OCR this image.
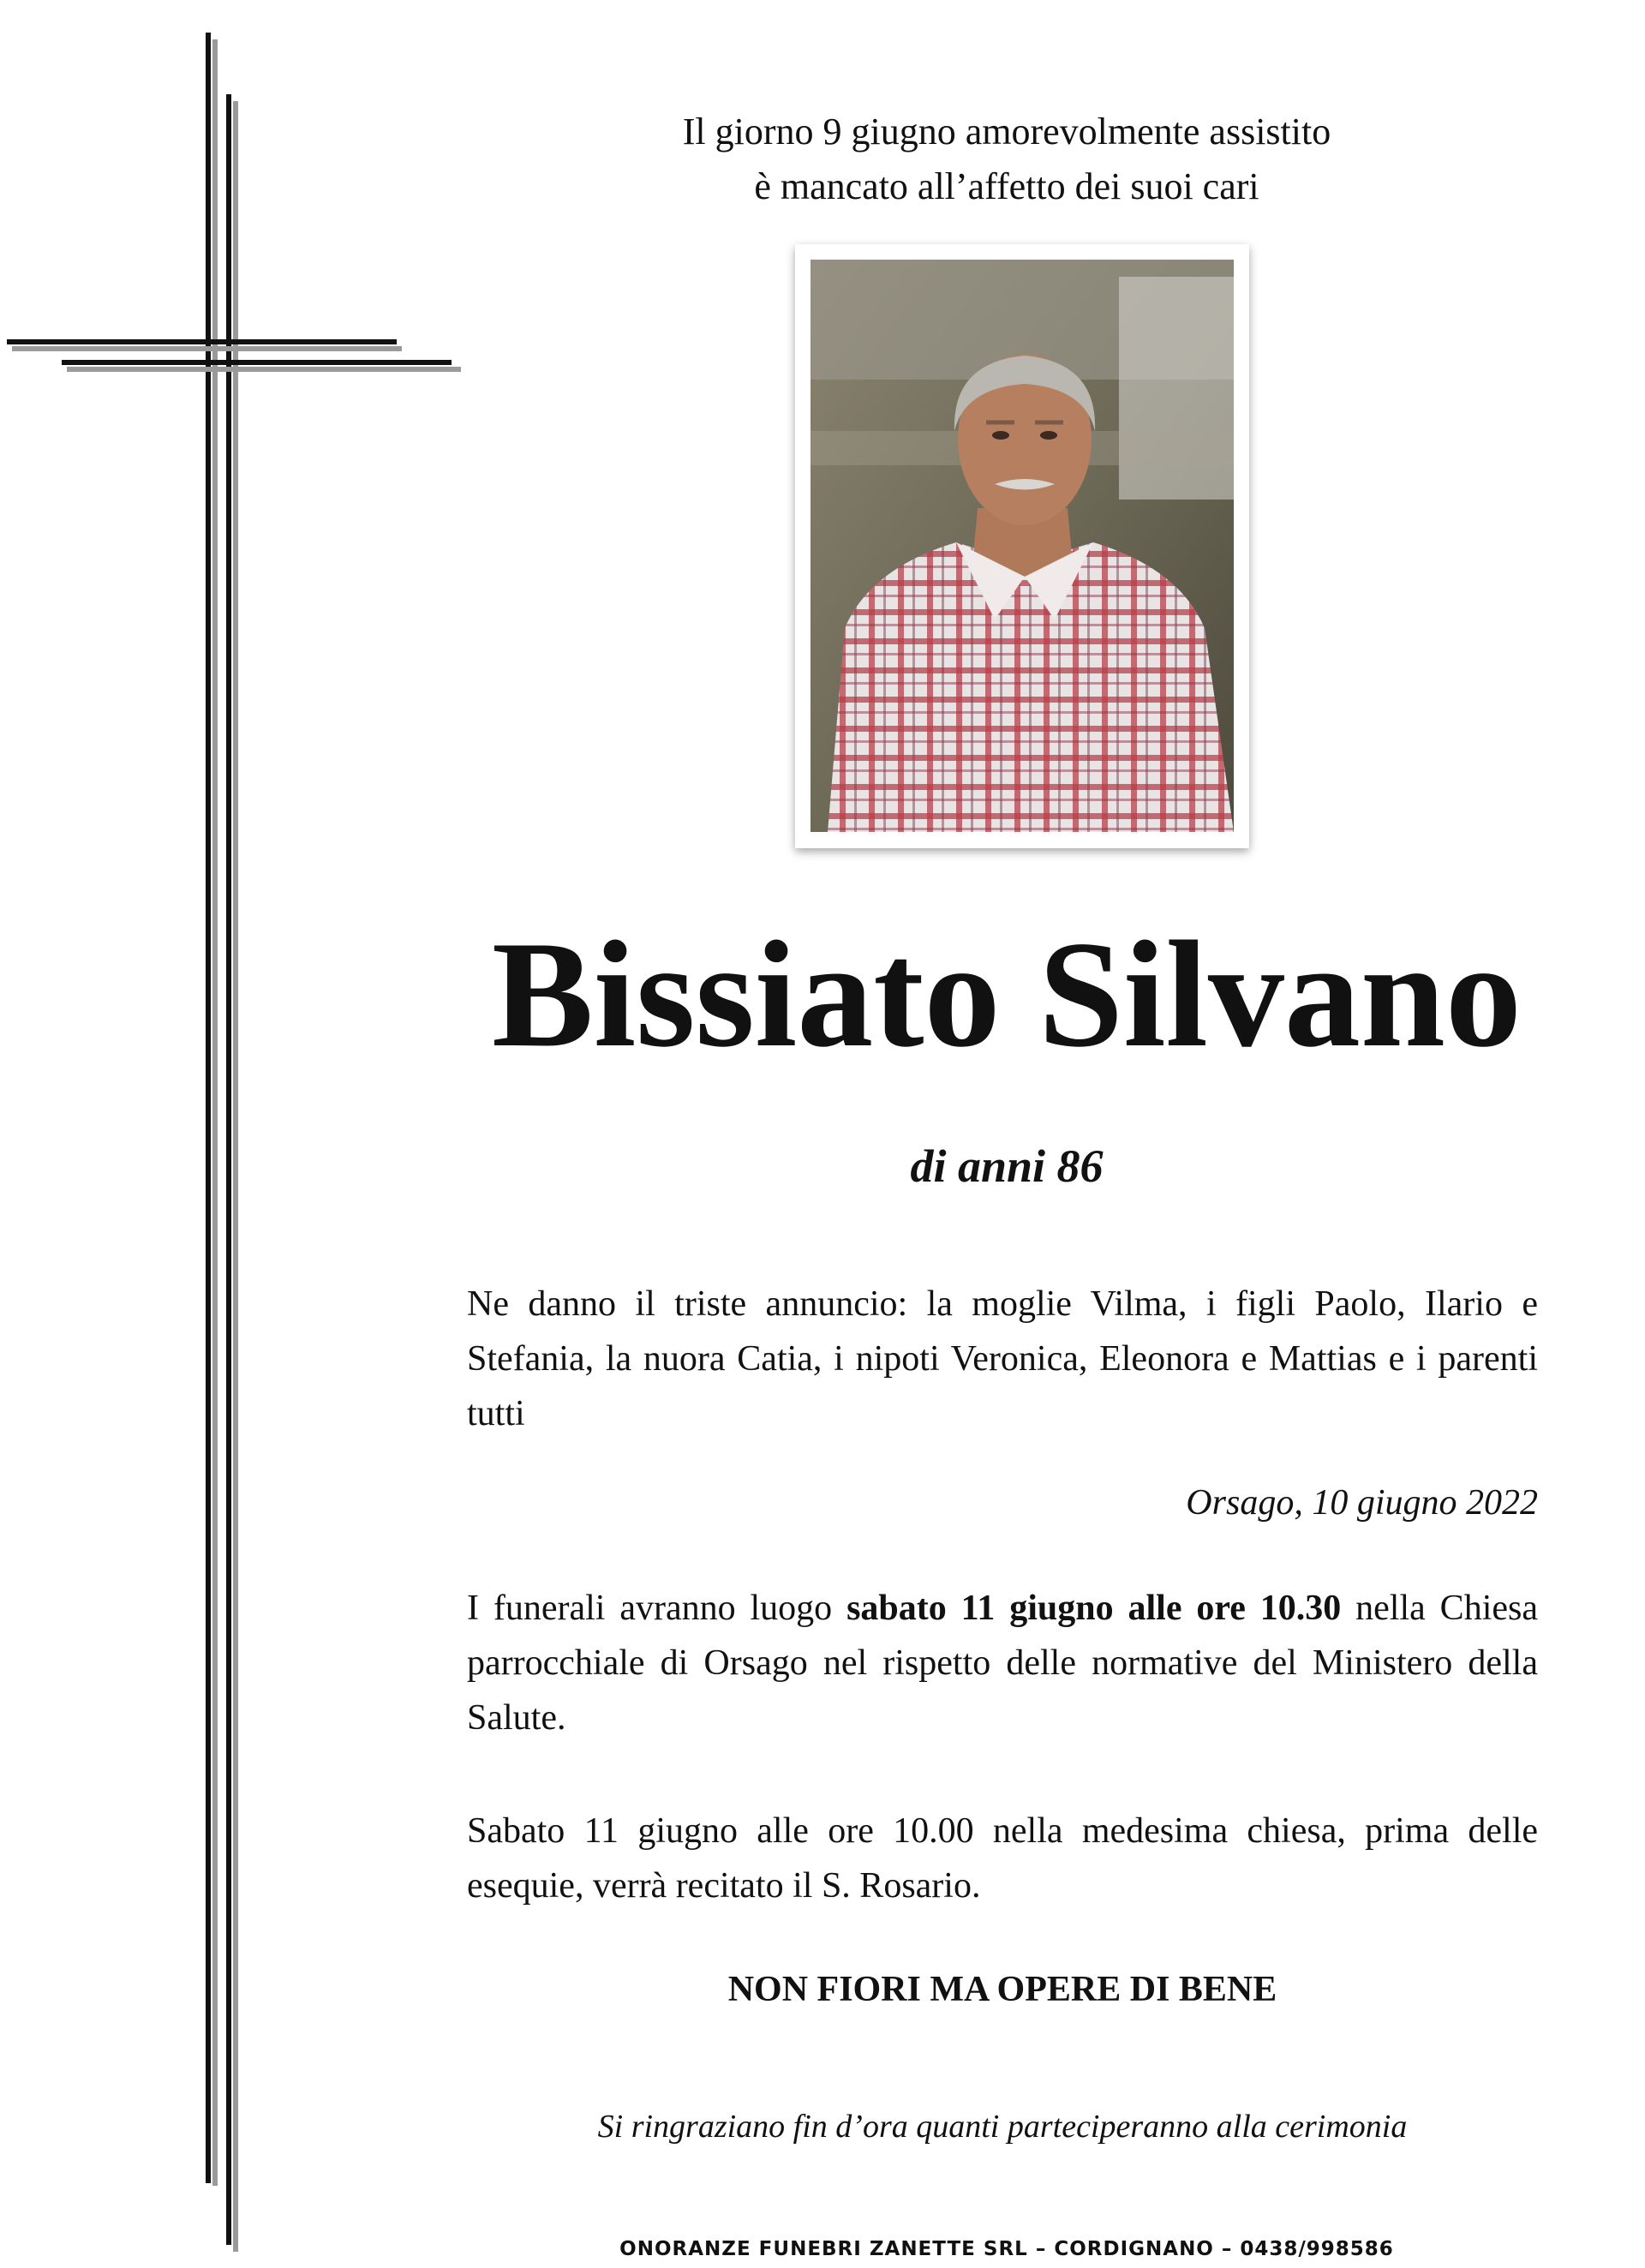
Il giorno 9 giugno amorevolmente assistito
è mancato all’affetto dei suoi cari
Bissiato Silvano
di anni 86
Ne danno il triste annuncio: la moglie Vilma, i figli Paolo, Ilario e Stefania, la nuora Catia, i nipoti Veronica, Eleonora e Mattias e i parenti tutti
Orsago, 10 giugno 2022
I funerali avranno luogo sabato 11 giugno alle ore 10.30 nella Chiesa parrocchiale di Orsago nel rispetto delle normative del Ministero della Salute.
Sabato 11 giugno alle ore 10.00 nella medesima chiesa, prima delle esequie, verrà recitato il S. Rosario.
NON FIORI MA OPERE DI BENE
Si ringraziano fin d’ora quanti parteciperanno alla cerimonia
ONORANZE FUNEBRI ZANETTE SRL – CORDIGNANO – 0438/998586
